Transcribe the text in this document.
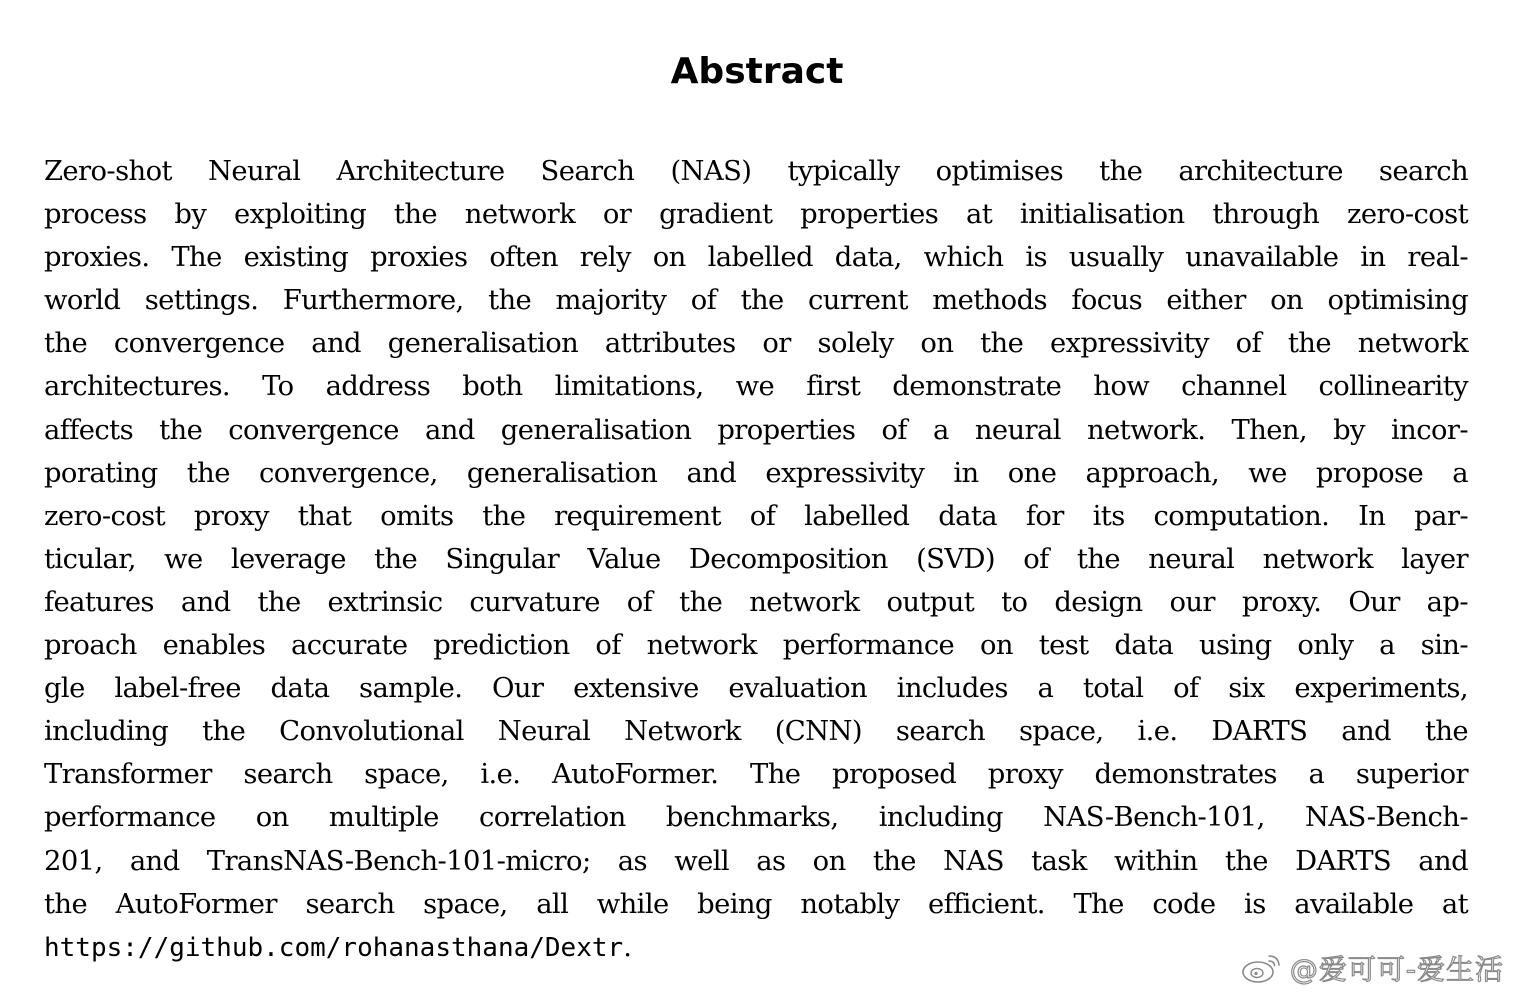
Abstract
Zero-shot Neural Architecture Search (NAS) typically optimises the architecture search
process by exploiting the network or gradient properties at initialisation through zero-cost
proxies. The existing proxies often rely on labelled data, which is usually unavailable in real-
world settings. Furthermore, the majority of the current methods focus either on optimising
the convergence and generalisation attributes or solely on the expressivity of the network
architectures. To address both limitations, we first demonstrate how channel collinearity
affects the convergence and generalisation properties of a neural network. Then, by incor-
porating the convergence, generalisation and expressivity in one approach, we propose a
zero-cost proxy that omits the requirement of labelled data for its computation. In par-
ticular, we leverage the Singular Value Decomposition (SVD) of the neural network layer
features and the extrinsic curvature of the network output to design our proxy. Our ap-
proach enables accurate prediction of network performance on test data using only a sin-
gle label-free data sample. Our extensive evaluation includes a total of six experiments,
including the Convolutional Neural Network (CNN) search space, i.e. DARTS and the
Transformer search space, i.e. AutoFormer. The proposed proxy demonstrates a superior
performance on multiple correlation benchmarks, including NAS-Bench-101, NAS-Bench-
201, and TransNAS-Bench-101-micro; as well as on the NAS task within the DARTS and
the AutoFormer search space, all while being notably efficient. The code is available at
https://github.com/rohanasthana/Dextr.
@爱可可-爱生活
